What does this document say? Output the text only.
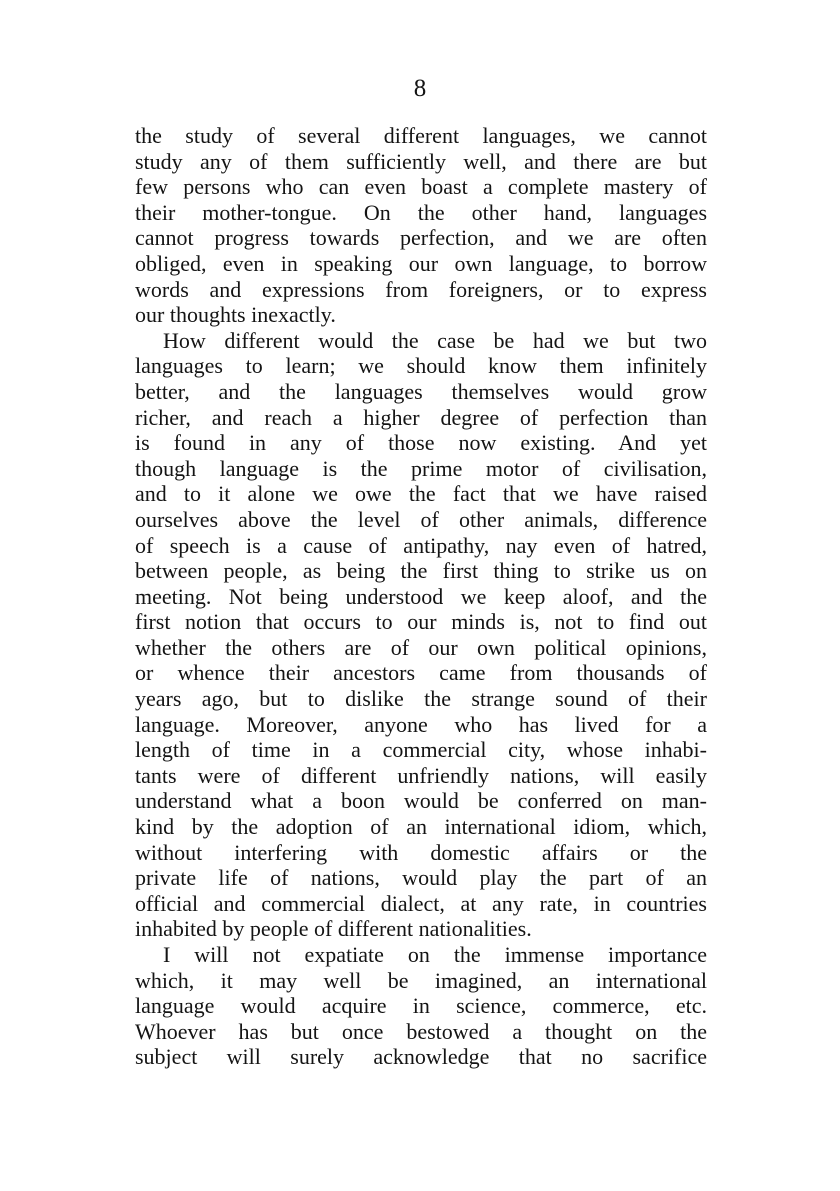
8
the study of several different languages, we cannot
study any of them sufficiently well, and there are but
few persons who can even boast a complete mastery of
their mother-tongue. On the other hand, languages
cannot progress towards perfection, and we are often
obliged, even in speaking our own language, to borrow
words and expressions from foreigners, or to express
our thoughts inexactly.
How different would the case be had we but two
languages to learn; we should know them infinitely
better, and the languages themselves would grow
richer, and reach a higher degree of perfection than
is found in any of those now existing. And yet
though language is the prime motor of civilisation,
and to it alone we owe the fact that we have raised
ourselves above the level of other animals, difference
of speech is a cause of antipathy, nay even of hatred,
between people, as being the first thing to strike us on
meeting. Not being understood we keep aloof, and the
first notion that occurs to our minds is, not to find out
whether the others are of our own political opinions,
or whence their ancestors came from thousands of
years ago, but to dislike the strange sound of their
language. Moreover, anyone who has lived for a
length of time in a commercial city, whose inhabi-
tants were of different unfriendly nations, will easily
understand what a boon would be conferred on man-
kind by the adoption of an international idiom, which,
without interfering with domestic affairs or the
private life of nations, would play the part of an
official and commercial dialect, at any rate, in countries
inhabited by people of different nationalities.
I will not expatiate on the immense importance
which, it may well be imagined, an international
language would acquire in science, commerce, etc.
Whoever has but once bestowed a thought on the
subject will surely acknowledge that no sacrifice
